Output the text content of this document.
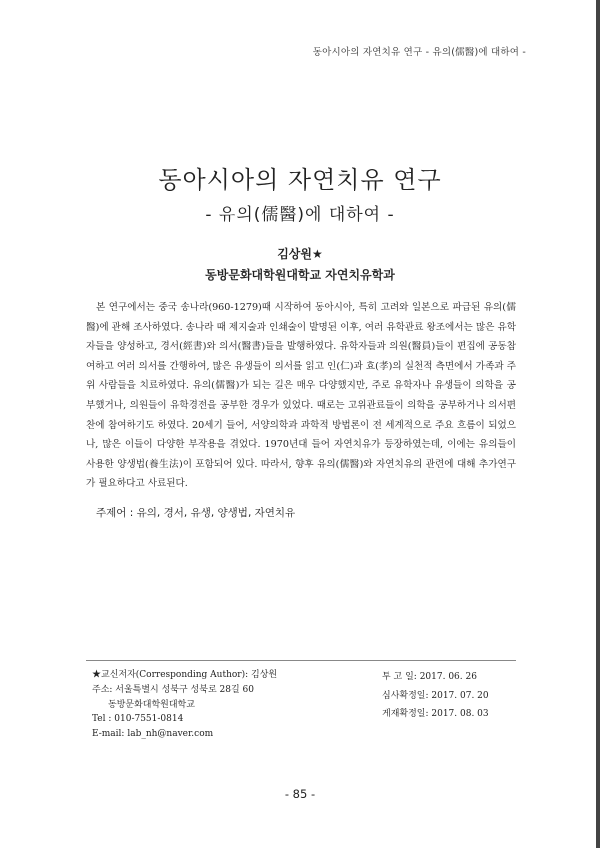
동아시아의 자연치유 연구 - 유의(儒醫)에 대하여 -
동아시아의 자연치유 연구
- 유의(儒醫)에 대하여 -
김상원★
동방문화대학원대학교 자연치유학과
본 연구에서는 중국 송나라(960-1279)때 시작하여 동아시아, 특히 고려와 일본으로 파급된 유의(儒醫)에 관해 조사하였다. 송나라 때 제지술과 인쇄술이 발명된 이후, 여러 유학관료 왕조에서는 많은 유학자들을 양성하고, 경서(經書)와 의서(醫書)들을 발행하였다. 유학자들과 의원(醫員)들이 편집에 공동참여하고 여러 의서를 간행하여, 많은 유생들이 의서를 읽고 인(仁)과 효(孝)의 실천적 측면에서 가족과 주위 사람들을 치료하였다. 유의(儒醫)가 되는 길은 매우 다양했지만, 주로 유학자나 유생들이 의학을 공부했거나, 의원들이 유학경전을 공부한 경우가 있었다. 때로는 고위관료들이 의학을 공부하거나 의서편찬에 참여하기도 하였다. 20세기 들어, 서양의학과 과학적 방법론이 전 세계적으로 주요 흐름이 되었으나, 많은 이들이 다양한 부작용을 겪었다. 1970년대 들어 자연치유가 등장하였는데, 이에는 유의들이 사용한 양생법(養生法)이 포함되어 있다. 따라서, 향후 유의(儒醫)와 자연치유의 관련에 대해 추가연구가 필요하다고 사료된다.
주제어 : 유의, 경서, 유생, 양생법, 자연치유
★교신저자(Corresponding Author): 김상원
주소: 서울특별시 성북구 성북로 28길 60
동방문화대학원대학교
Tel : 010-7551-0814
E-mail: lab_nh@naver.com
투 고 일: 2017. 06. 26
심사확정일: 2017. 07. 20
게재확정일: 2017. 08. 03
- 85 -
